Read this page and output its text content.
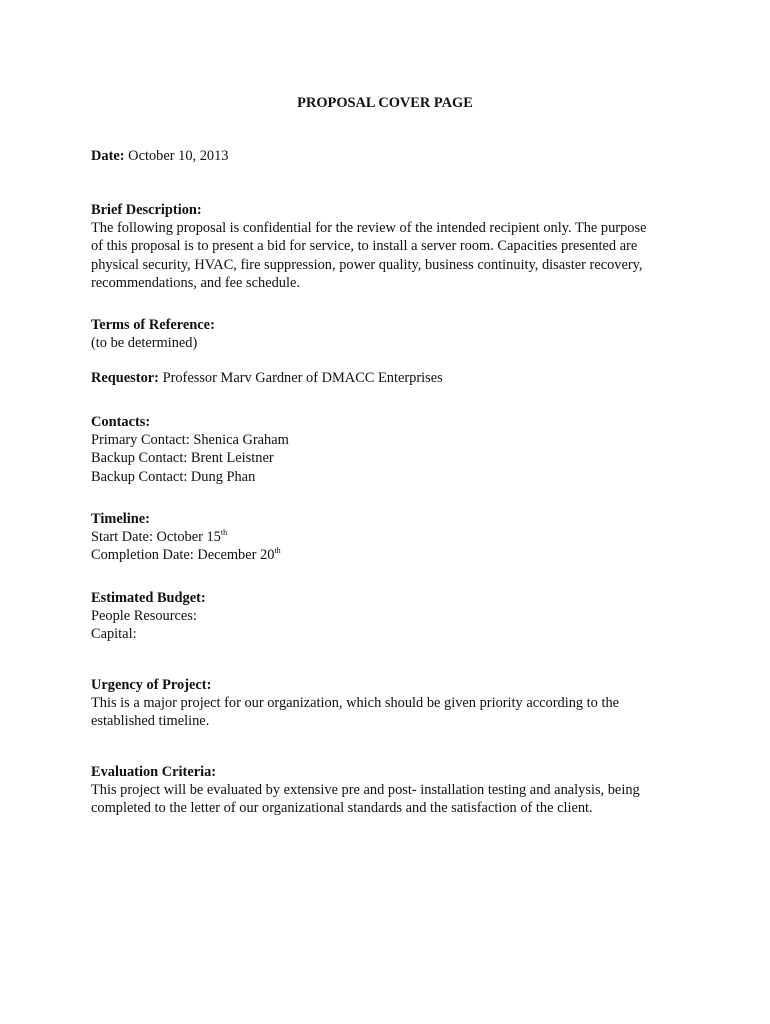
PROPOSAL COVER PAGE
Date: October 10, 2013
Brief Description:
The following proposal is confidential for the review of the intended recipient only. The purpose
of this proposal is to present a bid for service, to install a server room. Capacities presented are
physical security, HVAC, fire suppression, power quality, business continuity, disaster recovery,
recommendations, and fee schedule.
Terms of Reference:
(to be determined)
Requestor: Professor Marv Gardner of DMACC Enterprises
Contacts:
Primary Contact: Shenica Graham
Backup Contact: Brent Leistner
Backup Contact: Dung Phan
Timeline:
Start Date: October 15th
Completion Date: December 20th
Estimated Budget:
People Resources:
Capital:
Urgency of Project:
This is a major project for our organization, which should be given priority according to the
established timeline.
Evaluation Criteria:
This project will be evaluated by extensive pre and post- installation testing and analysis, being
completed to the letter of our organizational standards and the satisfaction of the client.
